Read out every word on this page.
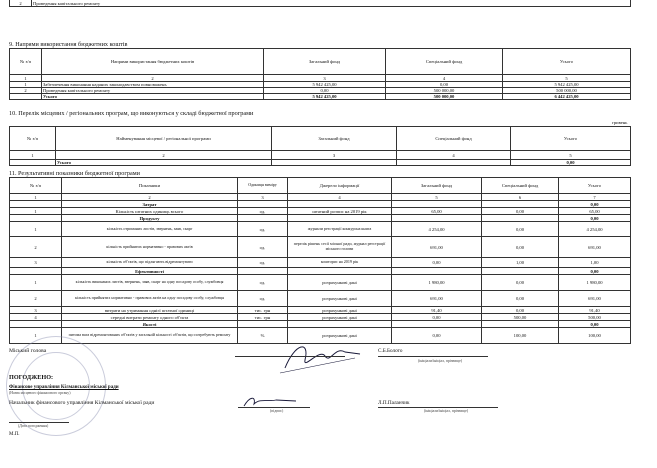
2	Проведення капітального ремонту
9. Напрями використання бюджетних коштів
№ з/п	Напрями використання бюджетних коштів	Загальний фонд	Спеціальний фонд	Усього
1	2	3	4	5
1	Забезпечення виконання наданих законодавством повноважень	5 942 425,00	0,00	5 942 425,00
2	Проведення капітального ремонту	0,00	500 000,00	500 000,00
	Усього	5 942 425,00	500 000,00	6 442 425,00
10. Перелік місцевих / регіональних програм, що виконуються у складі бюджетної програми
гривень
№ з/п	Найменування місцевої / регіональної програми	Загальний фонд	Спеціальний фонд	Усього
1	2	3	4	5
	Усього			0,00
11. Результативні показники бюджетної програми
№ з/п	Показники	Одиниця виміру	Джерело інформації	Загальний фонд	Спеціальний фонд	Усього
1	2	3	4	5	6	7
	Затрат					0,00
1	Кількість штатних одиниць всього	од.	штатний розпис на 2019 рік	65,00	0,00	65,00
	Продукту					0,00
1	кількість отриманих листів, звернень, заяв, скарг	од.	журнали реєстрації конкурсна книга	4 254,00	0,00	4 254,00
2	кількість прийнятих нормативно - правових актів	од.	перелік рішень сесії міської ради, журнал реєстрації міського голови	691,00	0,00	691,00
3	кількість об'єктів, що підлягають відремонтувати	од.	кошторис на 2019 рік	0,00	1,00	1,00
	Ефективності					0,00
1	кількість виконаних листів, звернень, заяв, скарг на одну посадову особу, службовця	од.	розрахункові дані	1 980,00	0,00	1 980,00
2	кількість прийнятих нормативно - правових актів на одну посадову особу, службовця	од.	розрахункові дані	691,00	0,00	691,00
3	витрати на утримання однієї штатної одиниці	тис. грн	розрахункові дані	91,40	0,00	91,40
4	середні витрати ремонту одного об'єкта	тис. грн	розрахункові дані	0,00	500,00	500,00
	Якості					0,00
1	питома вага відремонтованих об'єктів у загальній кількості об'єктів, що потребують ремонту	%	розрахункові дані	0,00	100,00	100,00
Міський голова	С.Б.Болото
(ініціали/ініціал, прізвище)
ПОГОДЖЕНО:
Фінансове управління Кілманської міської ради
(Назва місцевого фінансового органу)
Начальник фінансового управління Кілманської міської ради
(підпис)
Л.П.Паланчик
(ініціали/ініціал, прізвище)
(Дата погодження)
М.П.
